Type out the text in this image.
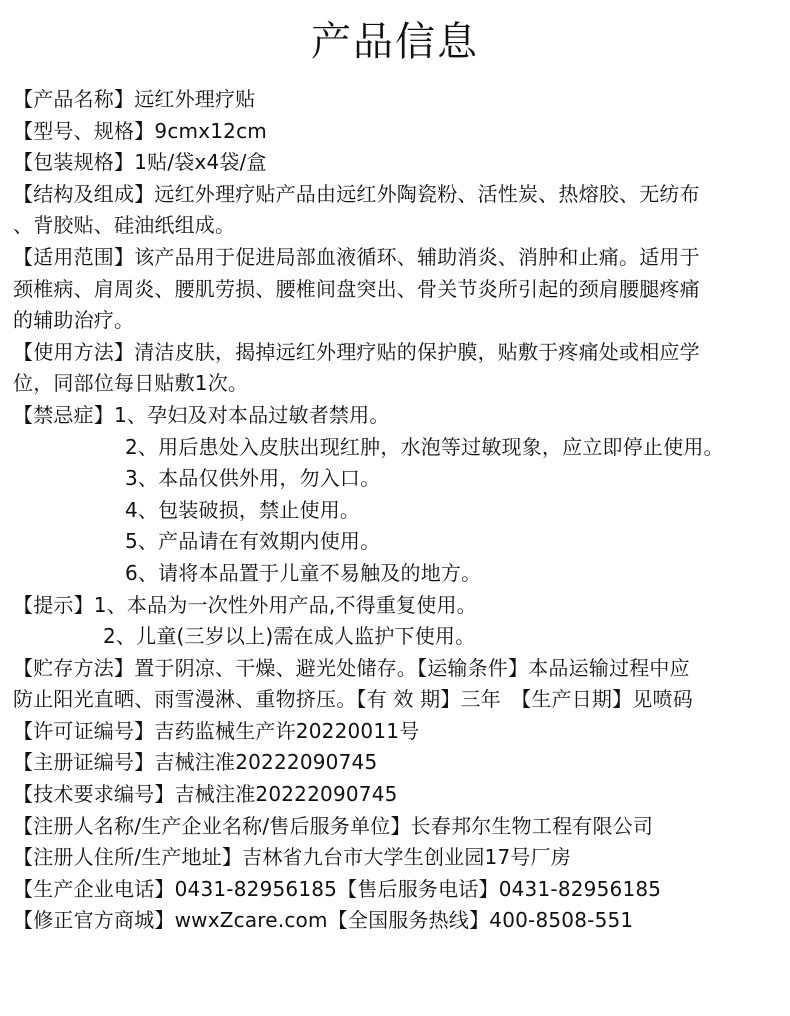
产品信息
【产品名称】远红外理疗贴
【型号、规格】9cmx12cm
【包装规格】1贴/袋x4袋/盒
【结构及组成】远红外理疗贴产品由远红外陶瓷粉、活性炭、热熔胶、无纺布
、背胶贴、硅油纸组成。
【适用范围】该产品用于促进局部血液循环、辅助消炎、消肿和止痛。适用于
颈椎病、肩周炎、腰肌劳损、腰椎间盘突出、骨关节炎所引起的颈肩腰腿疼痛
的辅助治疗。
【使用方法】清洁皮肤，揭掉远红外理疗贴的保护膜，贴敷于疼痛处或相应学
位，同部位每日贴敷1次。
【禁忌症】1、孕妇及对本品过敏者禁用。
2、用后患处入皮肤出现红肿，水泡等过敏现象，应立即停止使用。
3、本品仅供外用，勿入口。
4、包装破损，禁止使用。
5、产品请在有效期内使用。
6、请将本品置于儿童不易触及的地方。
【提示】1、本品为一次性外用产品,不得重复使用。
2、儿童(三岁以上)需在成人监护下使用。
【贮存方法】置于阴凉、干燥、避光处储存。【运输条件】本品运输过程中应
防止阳光直晒、雨雪漫淋、重物挤压。【有 效 期】三年　【生产日期】见喷码
【许可证编号】吉药监械生产许20220011号
【主册证编号】吉械注准20222090745
【技术要求编号】吉械注准20222090745
【注册人名称/生产企业名称/售后服务单位】长春邦尔生物工程有限公司
【注册人住所/生产地址】吉林省九台市大学生创业园17号厂房
【生产企业电话】0431-82956185【售后服务电话】0431-82956185
【修正官方商城】wwxZcare.com【全国服务热线】400-8508-551
